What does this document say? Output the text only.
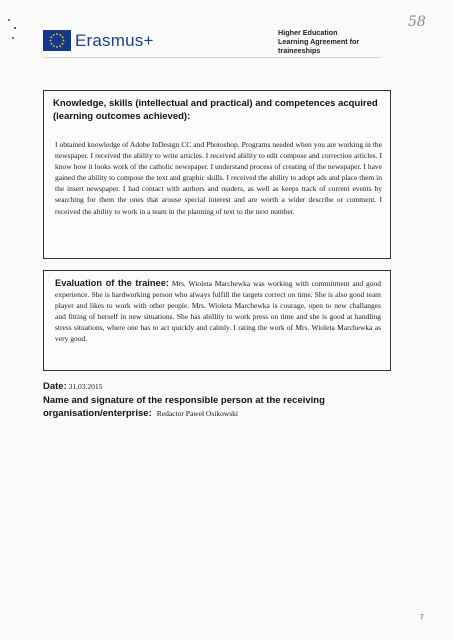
Erasmus+	Higher Education
Learning Agreement for
traineeships
58
Knowledge, skills (intellectual and practical) and competences acquired (learning outcomes achieved):
I obtained knowledge of Adobe InDesign CC and Photoshop. Programs needed when you are working in the newspaper. I received the ability to write articles. I received ability to edit compose and correction articles. I know how it looks work of the catholic newspaper. I understand process of creating of the newspaper. I have gained the ability to compose the text and graphic skills. I received the ability to adopt ads and place them in the insert newspaper. I had contact with authors and readers, as well as keeps track of current events by searching for them the ones that arouse special interest and are worth a wider describe or comment. I received the ability to work in a team in the planning of text to the next number.
Evaluation of the trainee: Mrs. Wioleta Marchewka was working with commitment and good experience. She is hardworking person who always fulfill the targets correct on time. She is also good team player and likes to work with other people. Mrs. Wioleta Marchewka is courage, open to new challanges and fitting of herself in new situations. She has abillity to work press on time and she is good at handling stress situations, where one has to act quickly and calmly. I rating the work of Mrs. Wioleta Marchewka as very good.
Date: 31.03.2015
Name and signature of the responsible person at the receiving organisation/enterprise: Redactor Paweł Osikowski
7
